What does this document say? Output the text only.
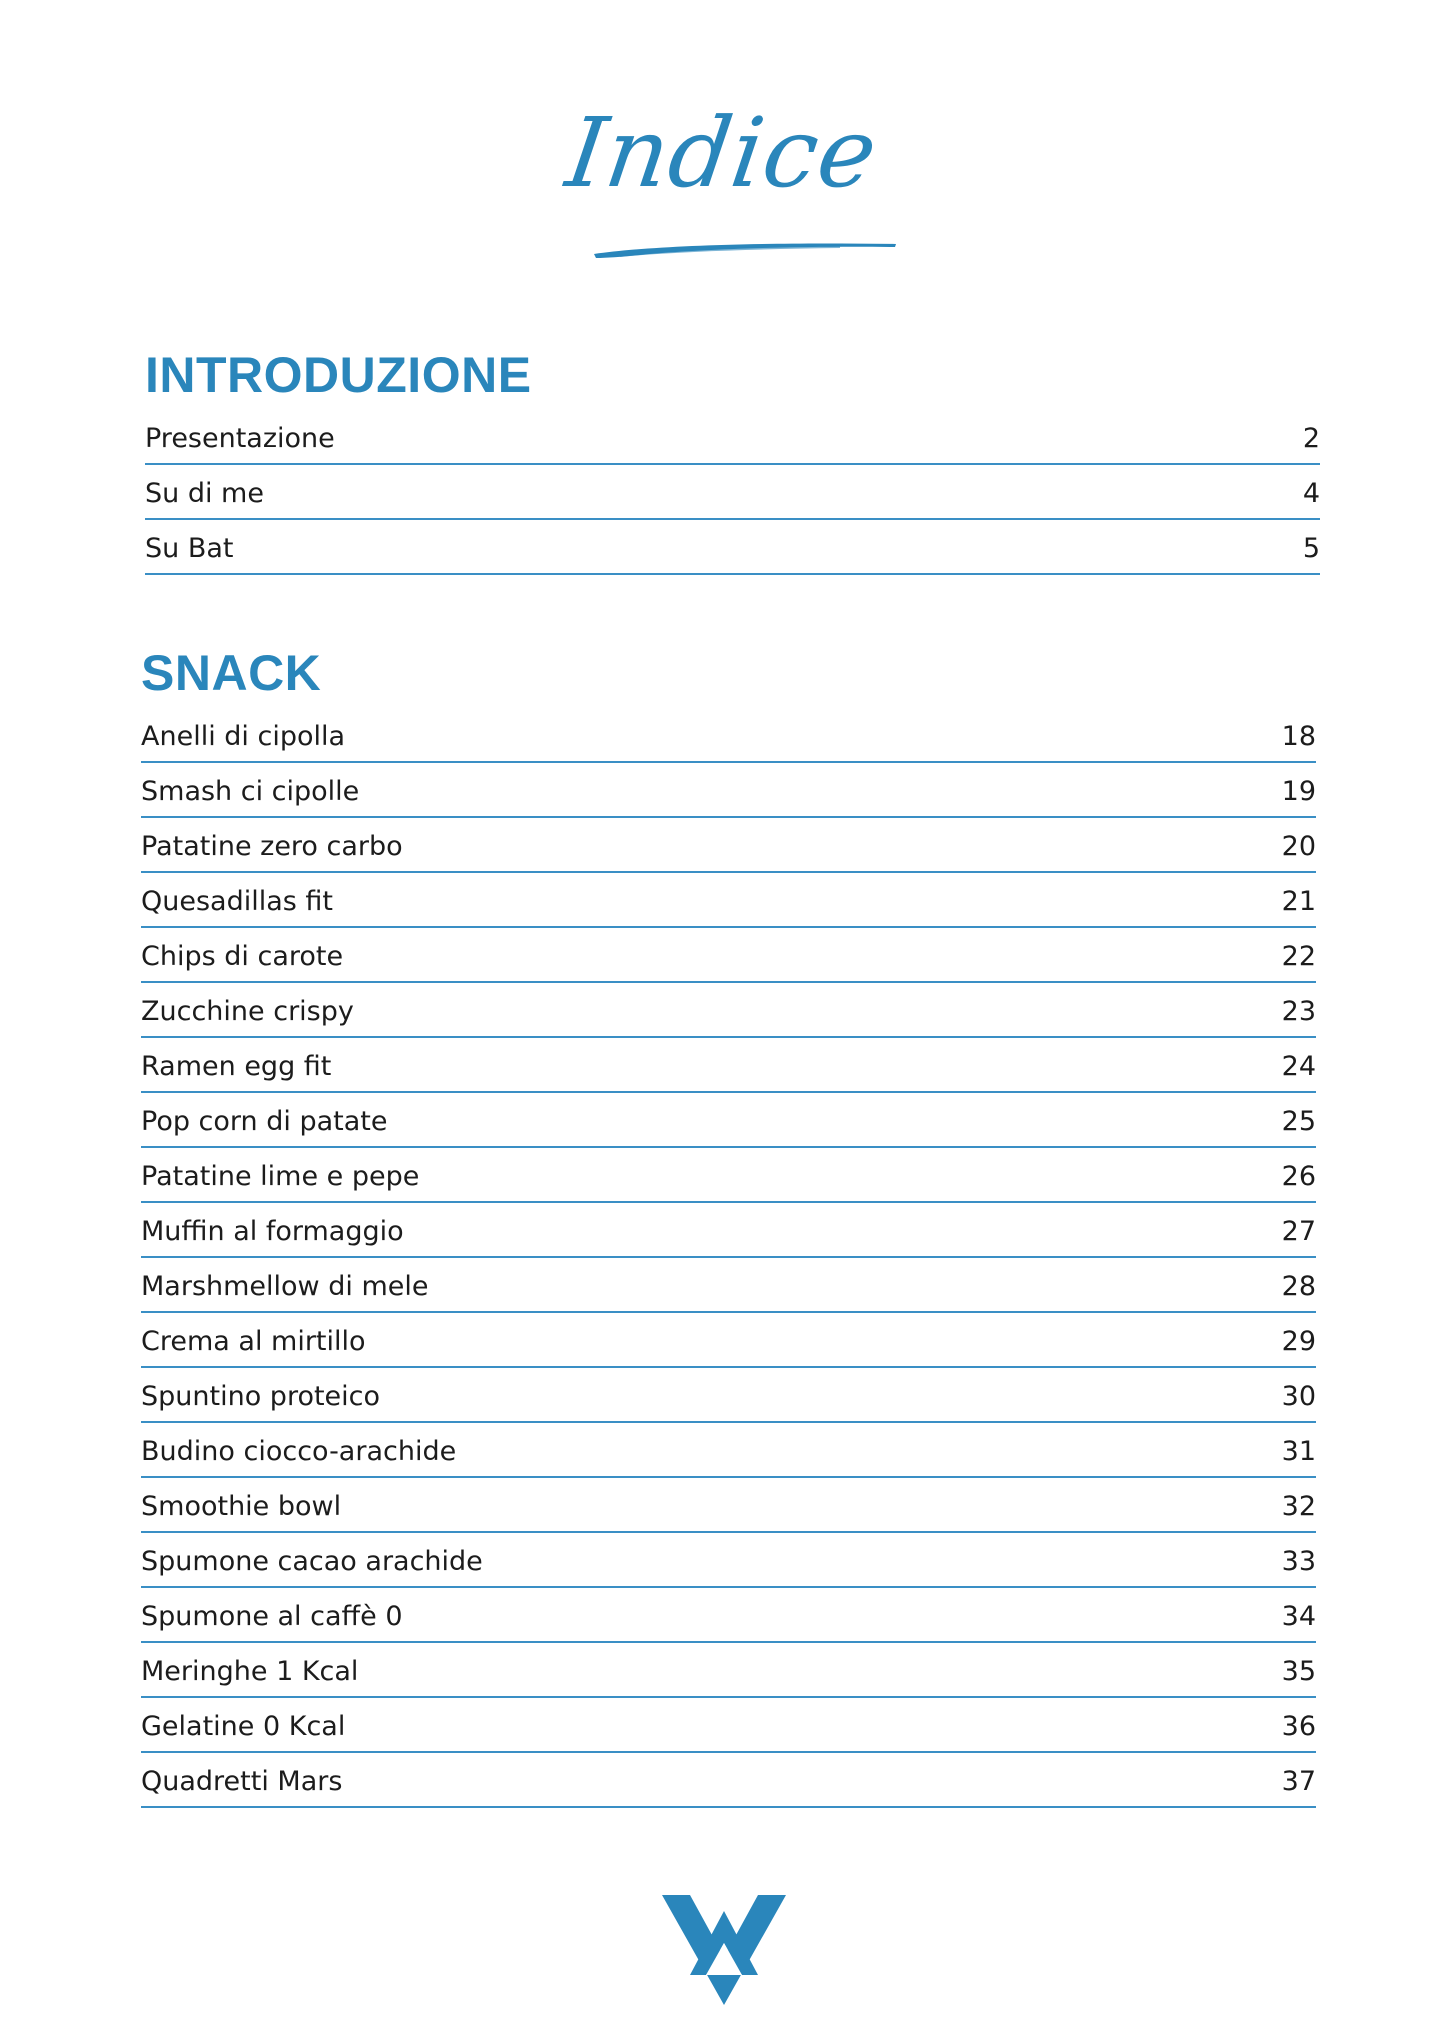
Indice
INTRODUZIONE
Presentazione	2
Su di me	4
Su Bat	5
SNACK
Anelli di cipolla	18
Smash ci cipolle	19
Patatine zero carbo	20
Quesadillas fit	21
Chips di carote	22
Zucchine crispy	23
Ramen egg fit	24
Pop corn di patate	25
Patatine lime e pepe	26
Muffin al formaggio	27
Marshmellow di mele	28
Crema al mirtillo	29
Spuntino proteico	30
Budino ciocco-arachide	31
Smoothie bowl	32
Spumone cacao arachide	33
Spumone al caffè 0	34
Meringhe 1 Kcal	35
Gelatine 0 Kcal	36
Quadretti Mars	37
